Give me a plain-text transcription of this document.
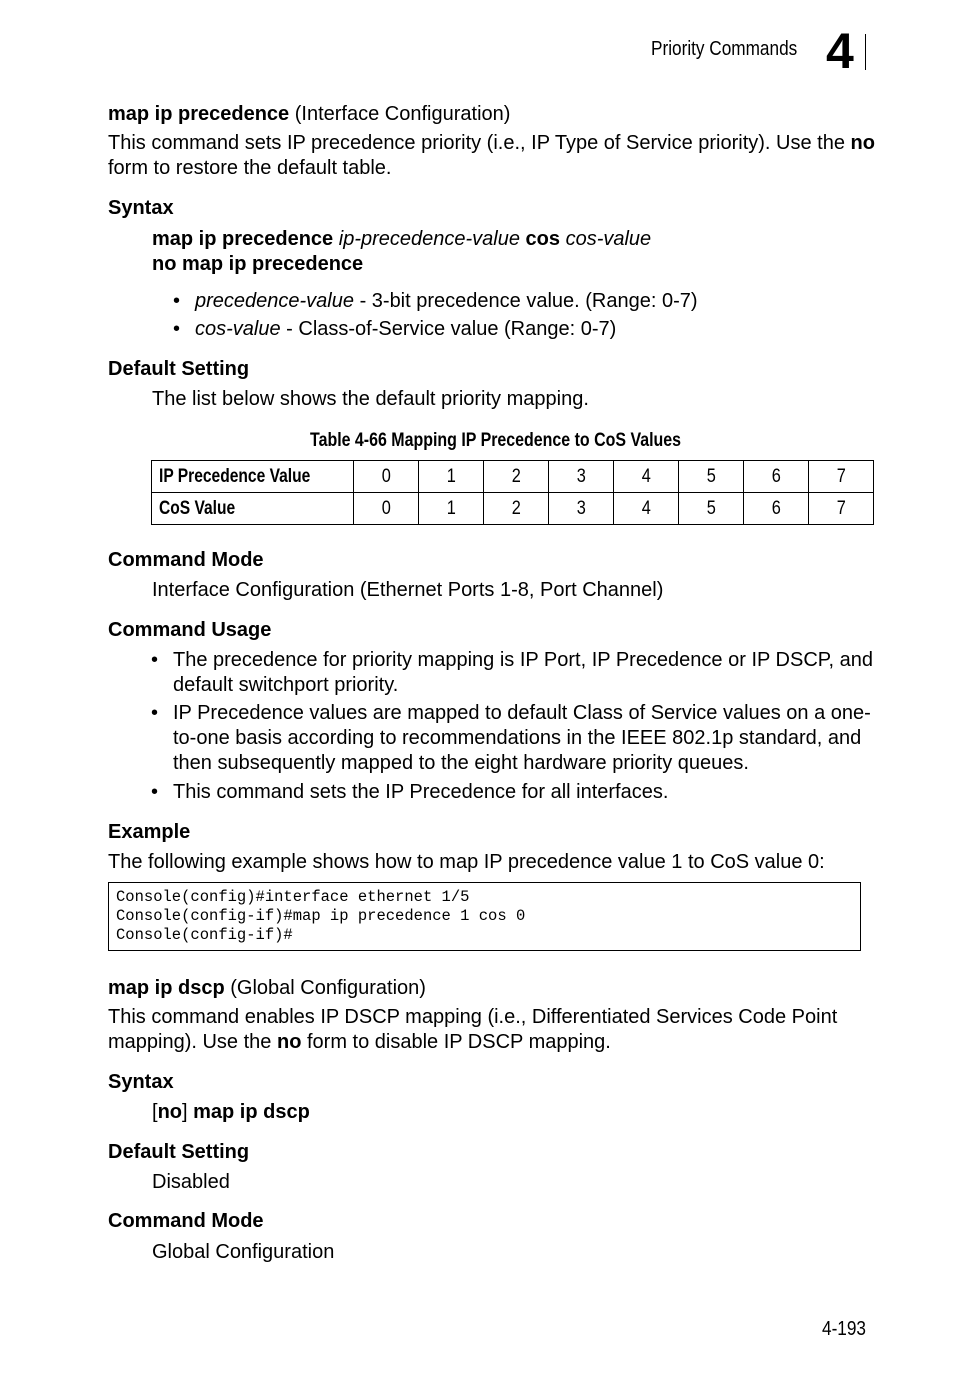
Priority Commands 4
map ip precedence (Interface Configuration)
This command sets IP precedence priority (i.e., IP Type of Service priority). Use the no form to restore the default table.
Syntax
map ip precedence ip-precedence-value cos cos-value
no map ip precedence
• precedence-value - 3-bit precedence value. (Range: 0-7)
• cos-value - Class-of-Service value (Range: 0-7)
Default Setting
The list below shows the default priority mapping.
Table 4-66 Mapping IP Precedence to CoS Values
IP Precedence Value	0	1	2	3	4	5	6	7
CoS Value	0	1	2	3	4	5	6	7
Command Mode
Interface Configuration (Ethernet Ports 1-8, Port Channel)
Command Usage
• The precedence for priority mapping is IP Port, IP Precedence or IP DSCP, and default switchport priority.
• IP Precedence values are mapped to default Class of Service values on a one-to-one basis according to recommendations in the IEEE 802.1p standard, and then subsequently mapped to the eight hardware priority queues.
• This command sets the IP Precedence for all interfaces.
Example
The following example shows how to map IP precedence value 1 to CoS value 0:
Console(config)#interface ethernet 1/5
Console(config-if)#map ip precedence 1 cos 0
Console(config-if)#
map ip dscp (Global Configuration)
This command enables IP DSCP mapping (i.e., Differentiated Services Code Point mapping). Use the no form to disable IP DSCP mapping.
Syntax
[no] map ip dscp
Default Setting
Disabled
Command Mode
Global Configuration
4-193
